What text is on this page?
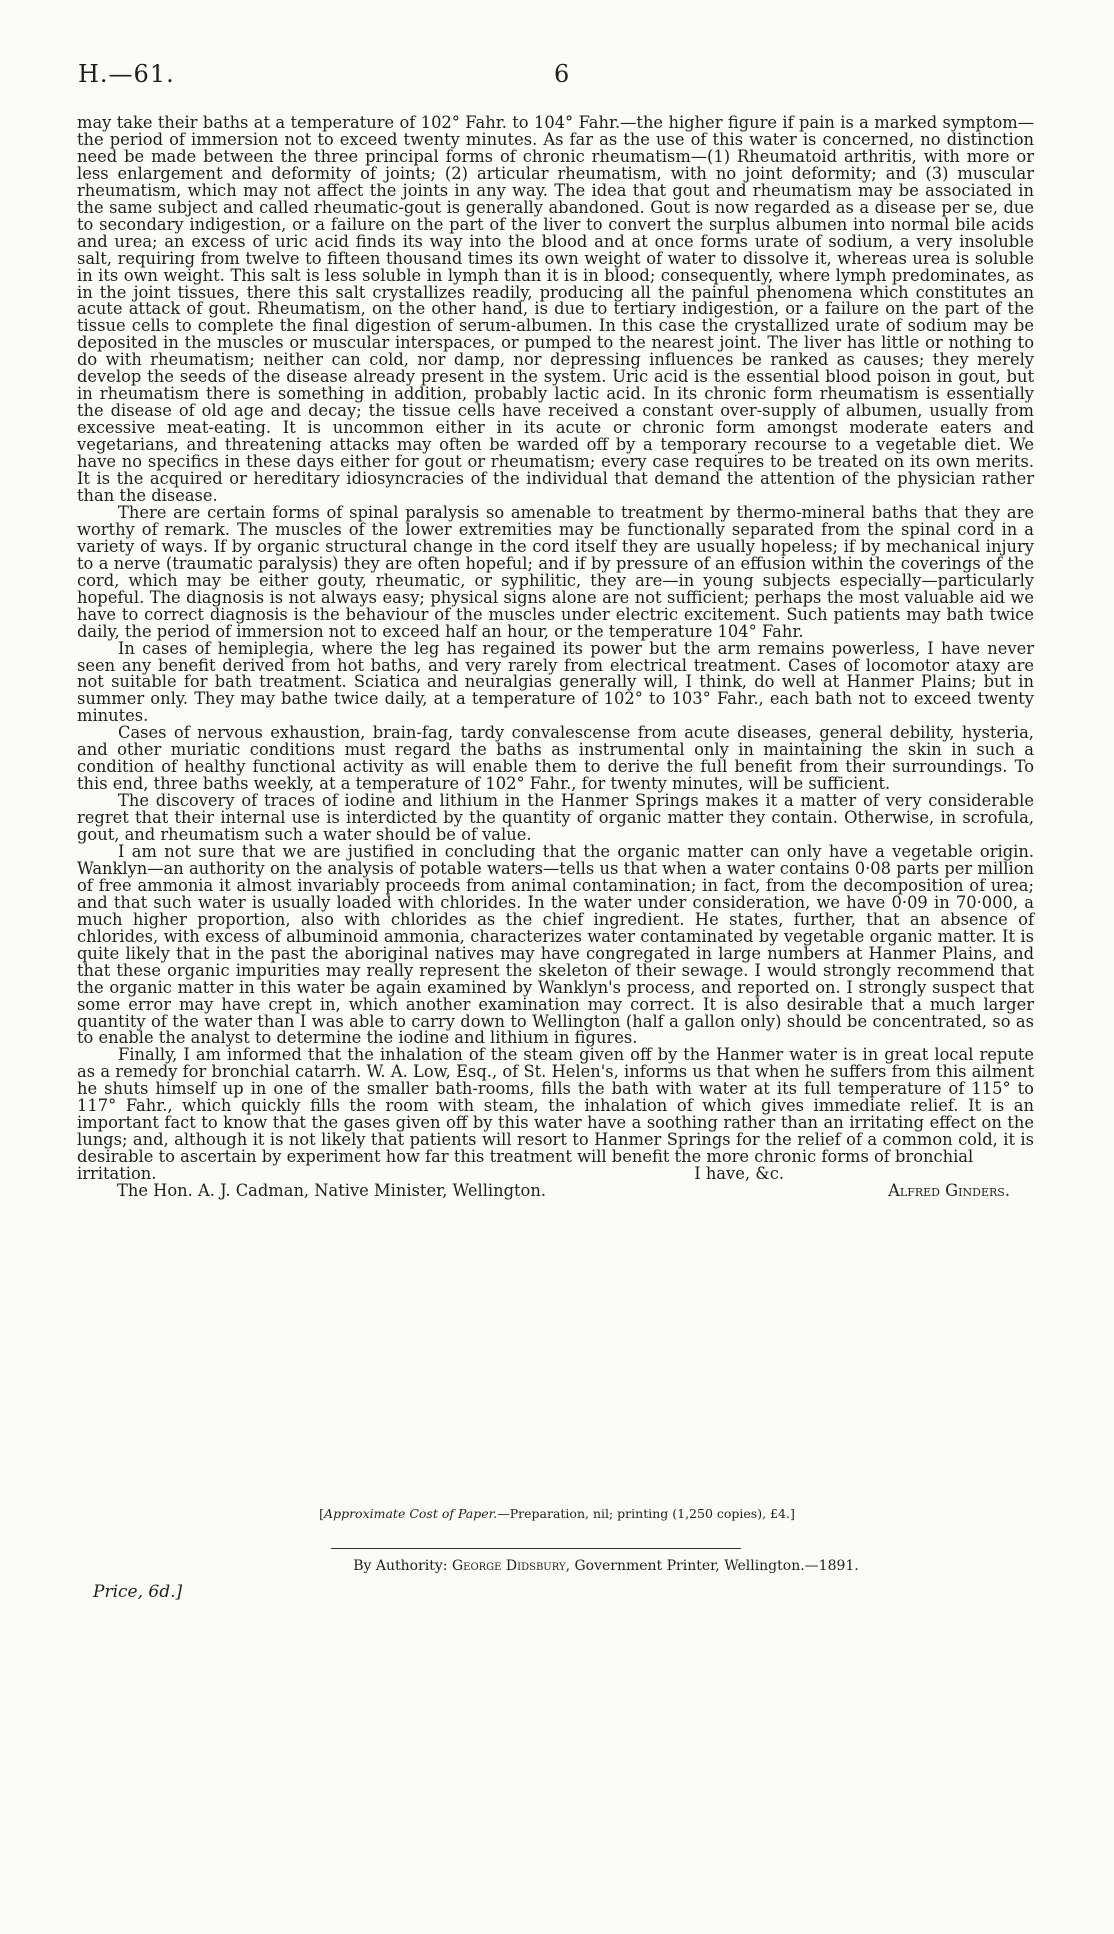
H.—61.	6

may take their baths at a temperature of 102° Fahr. to 104° Fahr.—the higher figure if pain is a marked symptom—the period of immersion not to exceed twenty minutes. As far as the use of this water is concerned, no distinction need be made between the three principal forms of chronic rheumatism—(1) Rheumatoid arthritis, with more or less enlargement and deformity of joints; (2) articular rheumatism, with no joint deformity; and (3) muscular rheumatism, which may not affect the joints in any way. The idea that gout and rheumatism may be associated in the same subject and called rheumatic-gout is generally abandoned. Gout is now regarded as a disease per se, due to secondary indigestion, or a failure on the part of the liver to convert the surplus albumen into normal bile acids and urea; an excess of uric acid finds its way into the blood and at once forms urate of sodium, a very insoluble salt, requiring from twelve to fifteen thousand times its own weight of water to dissolve it, whereas urea is soluble in its own weight. This salt is less soluble in lymph than it is in blood; consequently, where lymph predominates, as in the joint tissues, there this salt crystallizes readily, producing all the painful phenomena which constitutes an acute attack of gout. Rheumatism, on the other hand, is due to tertiary indigestion, or a failure on the part of the tissue cells to complete the final digestion of serum-albumen. In this case the crystallized urate of sodium may be deposited in the muscles or muscular interspaces, or pumped to the nearest joint. The liver has little or nothing to do with rheumatism; neither can cold, nor damp, nor depressing influences be ranked as causes; they merely develop the seeds of the disease already present in the system. Uric acid is the essential blood poison in gout, but in rheumatism there is something in addition, probably lactic acid. In its chronic form rheumatism is essentially the disease of old age and decay; the tissue cells have received a constant over-supply of albumen, usually from excessive meat-eating. It is uncommon either in its acute or chronic form amongst moderate eaters and vegetarians, and threatening attacks may often be warded off by a temporary recourse to a vegetable diet. We have no specifics in these days either for gout or rheumatism; every case requires to be treated on its own merits. It is the acquired or hereditary idiosyncracies of the individual that demand the attention of the physician rather than the disease.

There are certain forms of spinal paralysis so amenable to treatment by thermo-mineral baths that they are worthy of remark. The muscles of the lower extremities may be functionally separated from the spinal cord in a variety of ways. If by organic structural change in the cord itself they are usually hopeless; if by mechanical injury to a nerve (traumatic paralysis) they are often hopeful; and if by pressure of an effusion within the coverings of the cord, which may be either gouty, rheumatic, or syphilitic, they are—in young subjects especially—particularly hopeful. The diagnosis is not always easy; physical signs alone are not sufficient; perhaps the most valuable aid we have to correct diagnosis is the behaviour of the muscles under electric excitement. Such patients may bath twice daily, the period of immersion not to exceed half an hour, or the temperature 104° Fahr.

In cases of hemiplegia, where the leg has regained its power but the arm remains powerless, I have never seen any benefit derived from hot baths, and very rarely from electrical treatment. Cases of locomotor ataxy are not suitable for bath treatment. Sciatica and neuralgias generally will, I think, do well at Hanmer Plains; but in summer only. They may bathe twice daily, at a temperature of 102° to 103° Fahr., each bath not to exceed twenty minutes.

Cases of nervous exhaustion, brain-fag, tardy convalescense from acute diseases, general debility, hysteria, and other muriatic conditions must regard the baths as instrumental only in maintaining the skin in such a condition of healthy functional activity as will enable them to derive the full benefit from their surroundings. To this end, three baths weekly, at a temperature of 102° Fahr., for twenty minutes, will be sufficient.

The discovery of traces of iodine and lithium in the Hanmer Springs makes it a matter of very considerable regret that their internal use is interdicted by the quantity of organic matter they contain. Otherwise, in scrofula, gout, and rheumatism such a water should be of value.

I am not sure that we are justified in concluding that the organic matter can only have a vegetable origin. Wanklyn—an authority on the analysis of potable waters—tells us that when a water contains 0·08 parts per million of free ammonia it almost invariably proceeds from animal contamination; in fact, from the decomposition of urea; and that such water is usually loaded with chlorides. In the water under consideration, we have 0·09 in 70·000, a much higher proportion, also with chlorides as the chief ingredient. He states, further, that an absence of chlorides, with excess of albuminoid ammonia, characterizes water contaminated by vegetable organic matter. It is quite likely that in the past the aboriginal natives may have congregated in large numbers at Hanmer Plains, and that these organic impurities may really represent the skeleton of their sewage. I would strongly recommend that the organic matter in this water be again examined by Wanklyn's process, and reported on. I strongly suspect that some error may have crept in, which another examination may correct. It is also desirable that a much larger quantity of the water than I was able to carry down to Wellington (half a gallon only) should be concentrated, so as to enable the analyst to determine the iodine and lithium in figures.

Finally, I am informed that the inhalation of the steam given off by the Hanmer water is in great local repute as a remedy for bronchial catarrh. W. A. Low, Esq., of St. Helen's, informs us that when he suffers from this ailment he shuts himself up in one of the smaller bath-rooms, fills the bath with water at its full temperature of 115° to 117° Fahr., which quickly fills the room with steam, the inhalation of which gives immediate relief. It is an important fact to know that the gases given off by this water have a soothing rather than an irritating effect on the lungs; and, although it is not likely that patients will resort to Hanmer Springs for the relief of a common cold, it is desirable to ascertain by experiment how far this treatment will benefit the more chronic forms of bronchial

irritation.	I have, &c.
The Hon. A. J. Cadman, Native Minister, Wellington.	Alfred Ginders.
[Approximate Cost of Paper.—Preparation, nil; printing (1,250 copies), £4.]
By Authority: George Didsbury, Government Printer, Wellington.—1891.
Price, 6d.]
